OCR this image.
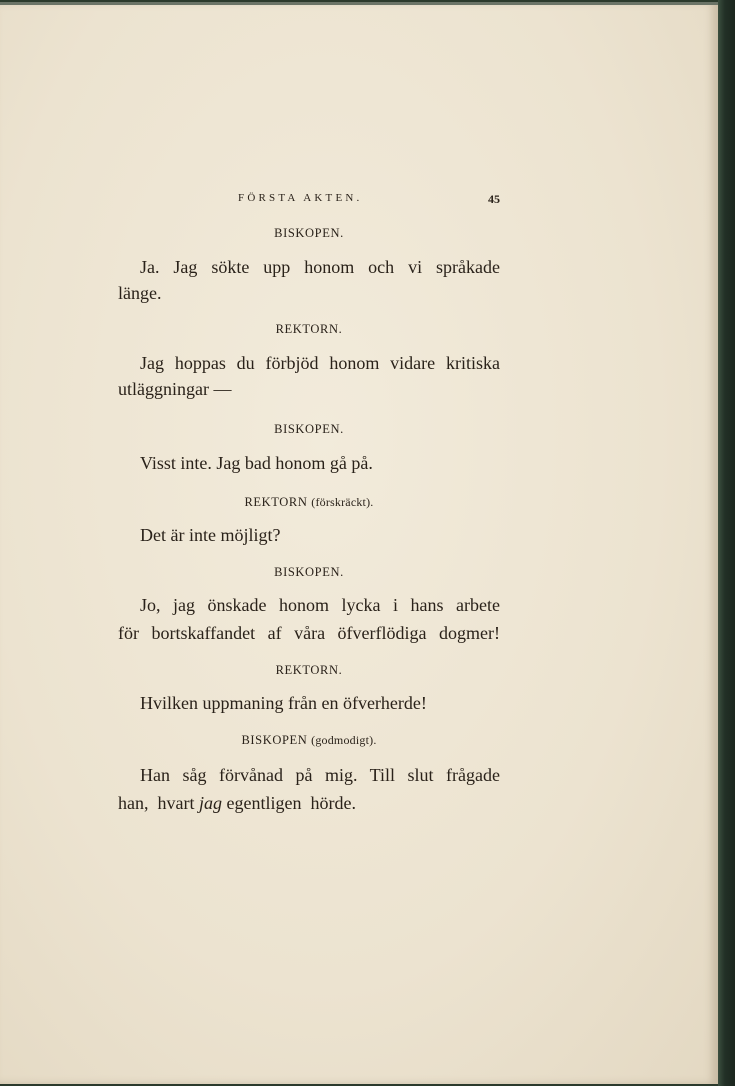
FÖRSTA AKTEN.	45
BISKOPEN.
Ja. Jag sökte upp honom och vi språkade
länge.
REKTORN.
Jag hoppas du förbjöd honom vidare kritiska
utläggningar —
BISKOPEN.
Visst inte. Jag bad honom gå på.
REKTORN (förskräckt).
Det är inte möjligt?
BISKOPEN.
Jo, jag önskade honom lycka i hans arbete
för bortskaffandet af våra öfverflödiga dogmer!
REKTORN.
Hvilken uppmaning från en öfverherde!
BISKOPEN (godmodigt).
Han såg förvånad på mig. Till slut frågade
han,  hvart jag egentligen  hörde.
